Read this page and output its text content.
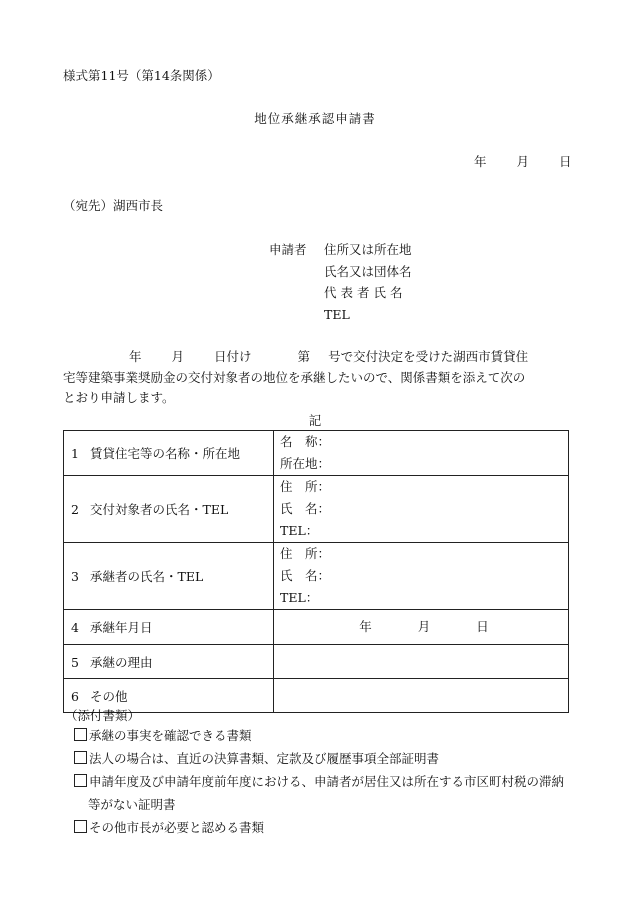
様式第11号（第14条関係）
地位承継承認申請書
年 月 日
（宛先）湖西市長
申請者 住所又は所在地
氏名又は団体名
代表者氏名
TEL
年 月 日付け	第 号で交付決定を受けた湖西市賃貸住
宅等建築事業奨励金の交付対象者の地位を承継したいので、関係書類を添えて次の
とおり申請します。
記
1 賃貸住宅等の名称・所在地	名　称：
所在地：

2 交付対象者の氏名・TEL	住　所：
氏　名：
TEL：

3 承継者の氏名・TEL	住　所：
氏　名：
TEL：

4 承継年月日	年 月 日
5 承継の理由	
6 その他	
（添付書類）
承継の事実を確認できる書類
法人の場合は、直近の決算書類、定款及び履歴事項全部証明書
申請年度及び申請年度前年度における、申請者が居住又は所在する市区町村税の滞納等がない証明書
その他市長が必要と認める書類
